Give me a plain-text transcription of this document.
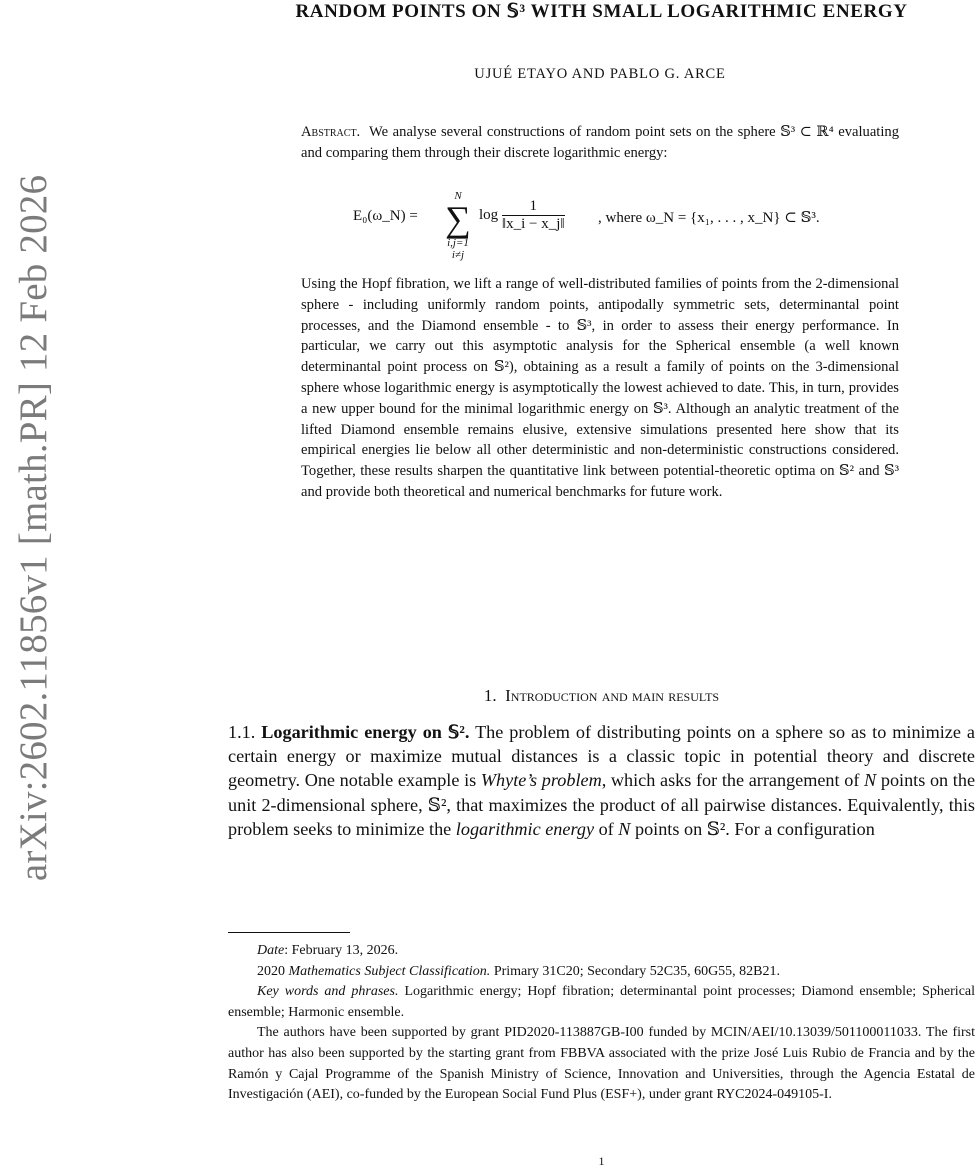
arXiv:2602.11856v1 [math.PR] 12 Feb 2026
RANDOM POINTS ON 𝕊³ WITH SMALL LOGARITHMIC ENERGY
UJUÉ ETAYO AND PABLO G. ARCE
Abstract. We analyse several constructions of random point sets on the sphere 𝕊³ ⊂ ℝ⁴ evaluating and comparing them through their discrete logarithmic energy:
E₀(ω_N) =
N
∑
i,j=1
i≠j
$\log \frac{1}{‖x\_i - x\_j‖}$ , where ω_N = {x₁, . . . , x_N} ⊂ 𝕊³.
Using the Hopf fibration, we lift a range of well-distributed families of points from the 2-dimensional sphere - including uniformly random points, antipodally symmetric sets, determinantal point processes, and the Diamond ensemble - to 𝕊³, in order to assess their energy performance. In particular, we carry out this asymptotic analysis for the Spherical ensemble (a well known determinantal point process on 𝕊²), obtaining as a result a family of points on the 3-dimensional sphere whose logarithmic energy is asymptotically the lowest achieved to date. This, in turn, provides a new upper bound for the minimal logarithmic energy on 𝕊³. Although an analytic treatment of the lifted Diamond ensemble remains elusive, extensive simulations presented here show that its empirical energies lie below all other deterministic and non-deterministic constructions considered. Together, these results sharpen the quantitative link between potential-theoretic optima on 𝕊² and 𝕊³ and provide both theoretical and numerical benchmarks for future work.
1. Introduction and main results
1.1. Logarithmic energy on 𝕊². The problem of distributing points on a sphere so as to minimize a certain energy or maximize mutual distances is a classic topic in potential theory and discrete geometry. One notable example is Whyte’s problem, which asks for the arrangement of N points on the unit 2-dimensional sphere, 𝕊², that maximizes the product of all pairwise distances. Equivalently, this problem seeks to minimize the logarithmic energy of N points on 𝕊². For a configuration

Date: February 13, 2026.

2020 Mathematics Subject Classification. Primary 31C20; Secondary 52C35, 60G55, 82B21.

Key words and phrases. Logarithmic energy; Hopf fibration; determinantal point processes; Diamond ensemble; Spherical ensemble; Harmonic ensemble.

The authors have been supported by grant PID2020-113887GB-I00 funded by MCIN/AEI/10.13039/501100011033. The first author has also been supported by the starting grant from FBBVA associated with the prize José Luis Rubio de Francia and by the Ramón y Cajal Programme of the Spanish Ministry of Science, Innovation and Universities, through the Agencia Estatal de Investigación (AEI), co-funded by the European Social Fund Plus (ESF+), under grant RYC2024-049105-I.

1
